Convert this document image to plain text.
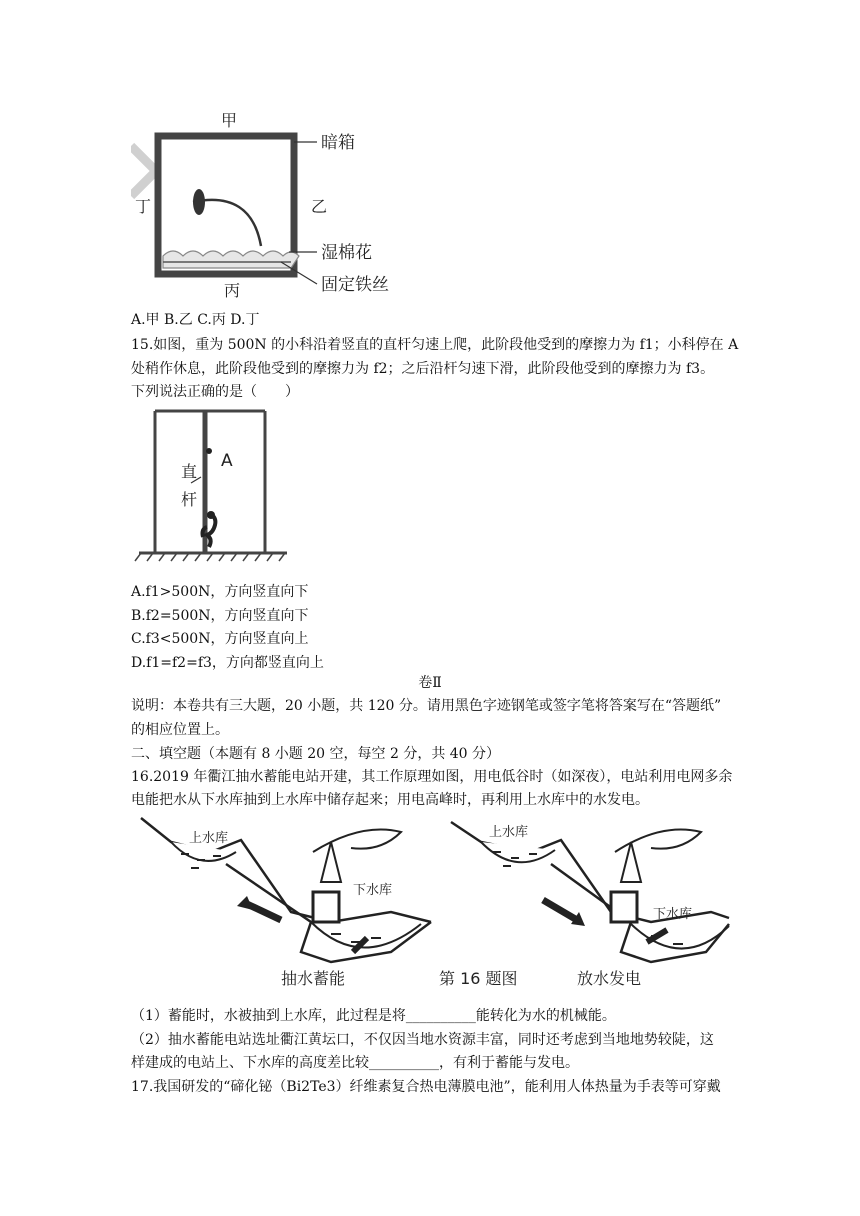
甲
丁	乙
丙
暗箱
湿棉花
固定铁丝
A.甲 B.乙 C.丙 D.丁
15.如图，重为 500N 的小科沿着竖直的直杆匀速上爬，此阶段他受到的摩擦力为 f1；小科停在 A
处稍作休息，此阶段他受到的摩擦力为 f2；之后沿杆匀速下滑，此阶段他受到的摩擦力为 f3。
下列说法正确的是（　　）
A
直
杆
A.f1>500N，方向竖直向下
B.f2=500N，方向竖直向下
C.f3<500N，方向竖直向上
D.f1=f2=f3，方向都竖直向上
卷Ⅱ
说明：本卷共有三大题，20 小题，共 120 分。请用黑色字迹钢笔或签字笔将答案写在“答题纸”
的相应位置上。
二、填空题（本题有 8 小题 20 空，每空 2 分，共 40 分）
16.2019 年衢江抽水蓄能电站开建，其工作原理如图，用电低谷时（如深夜），电站利用电网多余
电能把水从下水库抽到上水库中储存起来；用电高峰时，再利用上水库中的水发电。
上水库
下水库
上水库
下水库
抽水蓄能	第 16 题图	放水发电
（1）蓄能时，水被抽到上水库，此过程是将__________能转化为水的机械能。
（2）抽水蓄能电站选址衢江黄坛口，不仅因当地水资源丰富，同时还考虑到当地地势较陡，这
样建成的电站上、下水库的高度差比较__________，有利于蓄能与发电。
17.我国研发的“碲化铋（Bi2Te3）纤维素复合热电薄膜电池”，能利用人体热量为手表等可穿戴
